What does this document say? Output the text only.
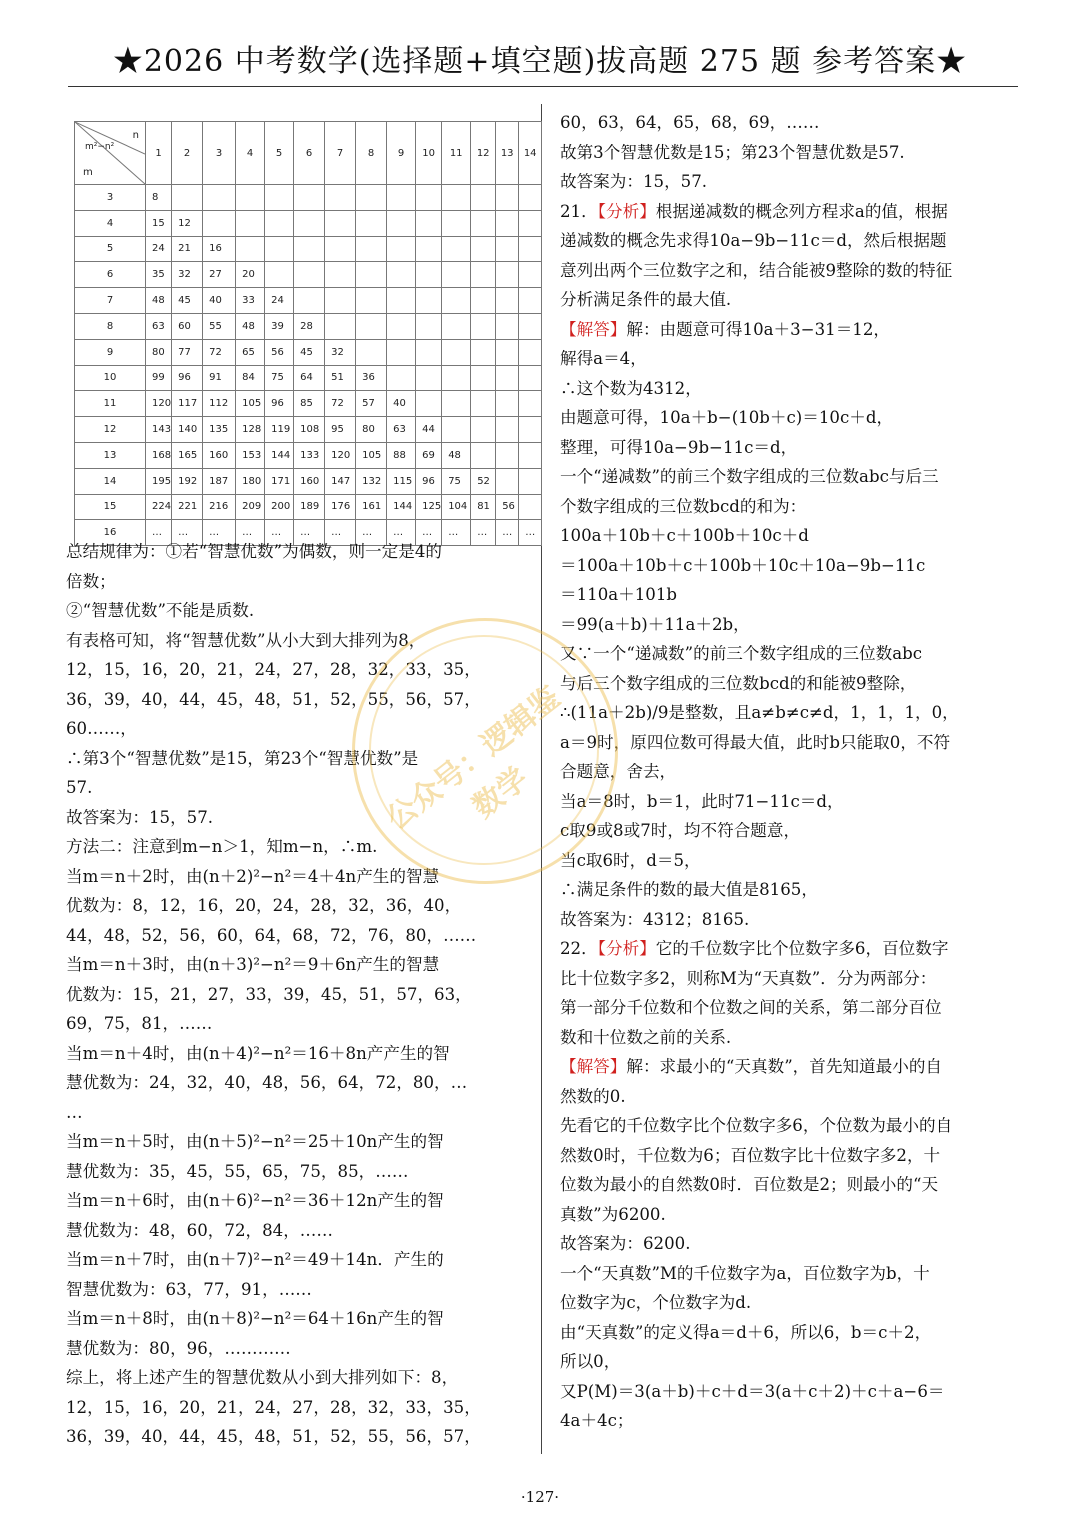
★2026 中考数学(选择题+填空题)拔高题 275 题 参考答案★
n
m²−n²
m	1	2	3	4	5	6	7	8	9	10	11	12	13	14
3	8													
4	15	12												
5	24	21	16											
6	35	32	27	20										
7	48	45	40	33	24									
8	63	60	55	48	39	28								
9	80	77	72	65	56	45	32							
10	99	96	91	84	75	64	51	36						
11	120	117	112	105	96	85	72	57	40					
12	143	140	135	128	119	108	95	80	63	44				
13	168	165	160	153	144	133	120	105	88	69	48			
14	195	192	187	180	171	160	147	132	115	96	75	52		
15	224	221	216	209	200	189	176	161	144	125	104	81	56	
16	…	…	…	…	…	…	…	…	…	…	…	…	…	…
总结规律为：①若“智慧优数”为偶数，则一定是4的
倍数；
②“智慧优数”不能是质数.
有表格可知，将“智慧优数”从小大到大排列为8，
12，15，16，20，21，24，27，28，32，33，35，
36，39，40，44，45，48，51，52，55，56，57，
60……，
∴第3个“智慧优数”是15，第23个“智慧优数”是
57.
故答案为：15，57.
方法二：注意到m−n＞1，知m−n，∴m.
当m＝n＋2时，由(n＋2)²−n²＝4＋4n产生的智慧
优数为：8，12，16，20，24，28，32，36，40，
44，48，52，56，60，64，68，72，76，80，……
当m＝n＋3时，由(n＋3)²−n²＝9＋6n产生的智慧
优数为：15，21，27，33，39，45，51，57，63，
69，75，81，……
当m＝n＋4时，由(n＋4)²−n²＝16＋8n产产生的智
慧优数为：24，32，40，48，56，64，72，80，…
…
当m＝n＋5时，由(n＋5)²−n²＝25＋10n产生的智
慧优数为：35，45，55，65，75，85，……
当m＝n＋6时，由(n＋6)²−n²＝36＋12n产生的智
慧优数为：48，60，72，84，……
当m＝n＋7时，由(n＋7)²−n²＝49＋14n．产生的
智慧优数为：63，77，91，……
当m＝n＋8时，由(n＋8)²−n²＝64＋16n产生的智
慧优数为：80，96，…………
综上，将上述产生的智慧优数从小到大排列如下：8，
12，15，16，20，21，24，27，28，32，33，35，
36，39，40，44，45，48，51，52，55，56，57，
60，63，64，65，68，69，……
故第3个智慧优数是15；第23个智慧优数是57.
故答案为：15，57.
21．【分析】根据递减数的概念列方程求a的值，根据
递减数的概念先求得10a−9b−11c＝d，然后根据题
意列出两个三位数字之和，结合能被9整除的数的特征
分析满足条件的最大值.
【解答】解：由题意可得10a＋3−31＝12，
解得a＝4，
∴这个数为4312，
由题意可得，10a＋b−(10b＋c)＝10c＋d，
整理，可得10a−9b−11c＝d，
一个“递减数”的前三个数字组成的三位数abc与后三
个数字组成的三位数bcd的和为：
100a＋10b＋c＋100b＋10c＋d
＝100a＋10b＋c＋100b＋10c＋10a−9b−11c
＝110a＋101b
＝99(a＋b)＋11a＋2b，
又∵一个“递减数”的前三个数字组成的三位数abc
与后三个数字组成的三位数bcd的和能被9整除，
∴(11a＋2b)/9是整数，且a≠b≠c≠d，1，1，1，0，
a＝9时，原四位数可得最大值，此时b只能取0，不符
合题意，舍去，
当a＝8时，b＝1，此时71−11c＝d，
c取9或8或7时，均不符合题意，
当c取6时，d＝5，
∴满足条件的数的最大值是8165，
故答案为：4312；8165.
22．【分析】它的千位数字比个位数字多6，百位数字
比十位数字多2，则称M为“天真数”．分为两部分：
第一部分千位数和个位数之间的关系，第二部分百位
数和十位数之前的关系.
【解答】解：求最小的“天真数”，首先知道最小的自
然数的0.
先看它的千位数字比个位数字多6，个位数为最小的自
然数0时，千位数为6；百位数字比十位数字多2，十
位数为最小的自然数0时．百位数是2；则最小的“天
真数”为6200.
故答案为：6200.
一个“天真数”M的千位数字为a，百位数字为b，十
位数字为c，个位数字为d.
由“天真数”的定义得a＝d＋6，所以6，b＝c＋2，
所以0，
又P(M)＝3(a＋b)＋c＋d＝3(a＋c＋2)＋c＋a−6＝
4a＋4c；
公众号：逻辑鉴数学
·127·
